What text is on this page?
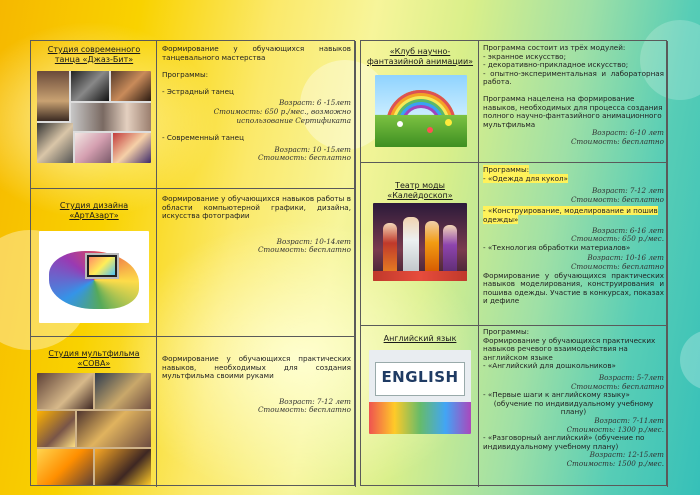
Студия современного танца «Джаз-Бит»
Формирование у обучающихся навыков танцевального мастерства
Программы:
- Эстрадный танец
Возраст: 6 -15лет
Стоимость: 650 р./мес., возможно использование Сертификата
- Современный танец
Возраст: 10 -15лет
Стоимость: бесплатно
Студия дизайна «АртАзарт»
Формирование у обучающихся навыков работы в области компьютерной графики, дизайна, искусства фотографии
Возраст: 10-14лет
Стоимость: бесплатно
Студия мультфильма «СОВА»	Формирование у обучающихся практических навыков, необходимых для создания мультфильма своими руками
Возраст: 7-12 лет
Стоимость: бесплатно
«Клуб научно-фантазийной анимации»
Программа состоит из трёх модулей:
- экранное искусство;
- декоративно-прикладное искусство;
- опытно-экспериментальная и лабораторная работа.
Программа нацелена на формирование навыков, необходимых для процесса создания полного научно-фантазийного анимационного мультфильма
Возраст: 6-10 лет
Стоимость: бесплатно
Театр моды «Калейдоскоп»
Программы:
- «Одежда для кукол»
Возраст: 7-12 лет
Стоимость: бесплатно
- «Конструирование, моделирование и пошив одежды»
Возраст: 6-16 лет
Стоимость: 650 р./мес.
- «Технология обработки материалов»
Возраст: 10-16 лет
Стоимость: бесплатно
Формирование у обучающихся практических навыков моделирования, конструирования и пошива одежды. Участие в конкурсах, показах и дефиле
Английский язык
ENGLISH
Программы:
Формирование у обучающихся практических навыков речевого взаимодействия на английском языке
- «Английский для дошкольников»
Возраст: 5-7лет
Стоимость: бесплатно
- «Первые шаги к английскому языку»
(обучение по индивидуальному учебному плану)
Возраст: 7-11лет
Стоимость: 1300 р./мес.
- «Разговорный английский» (обучение по индивидуальному учебному плану)
Возраст: 12-15лет
Стоимость: 1500 р./мес.
